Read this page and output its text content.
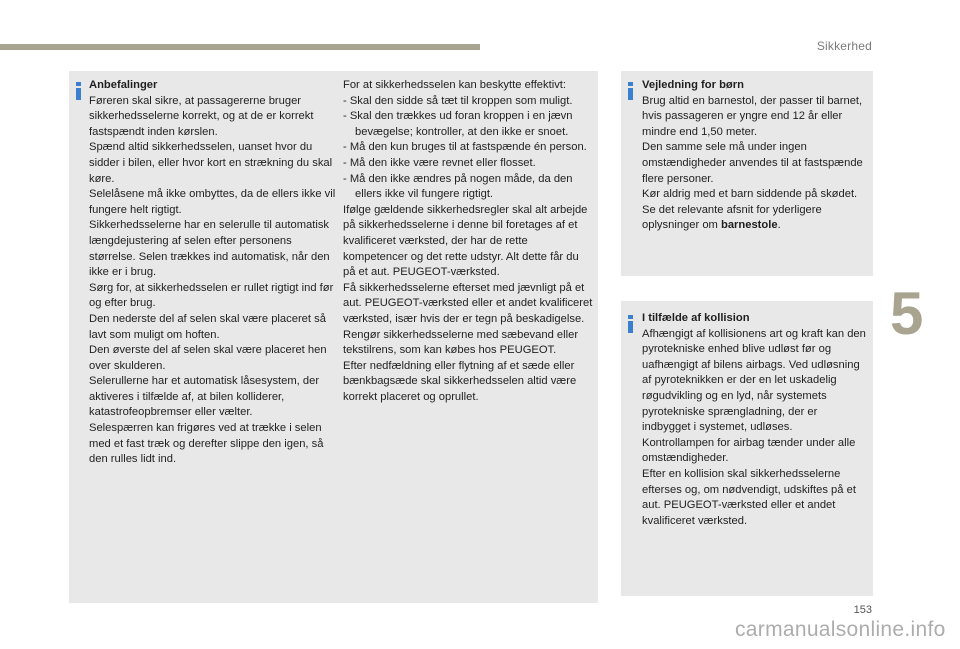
Sikkerhed
Anbefalinger
Føreren skal sikre, at passagererne bruger sikkerhedsselerne korrekt, og at de er korrekt fastspændt inden kørslen.
Spænd altid sikkerhedsselen, uanset hvor du sidder i bilen, eller hvor kort en strækning du skal køre.
Selelåsene må ikke ombyttes, da de ellers ikke vil fungere helt rigtigt.
Sikkerhedsselerne har en selerulle til automatisk længdejustering af selen efter personens størrelse. Selen trækkes ind automatisk, når den ikke er i brug.
Sørg for, at sikkerhedsselen er rullet rigtigt ind før og efter brug.
Den nederste del af selen skal være placeret så lavt som muligt om hoften.
Den øverste del af selen skal være placeret hen over skulderen.
Selerullerne har et automatisk låsesystem, der aktiveres i tilfælde af, at bilen kolliderer, katastrofeopbremser eller vælter.
Selespærren kan frigøres ved at trække i selen med et fast træk og derefter slippe den igen, så den rulles lidt ind.
For at sikkerhedsselen kan beskytte effektivt:
- Skal den sidde så tæt til kroppen som muligt.
- Skal den trækkes ud foran kroppen i en jævn bevægelse; kontroller, at den ikke er snoet.
- Må den kun bruges til at fastspænde én person.
- Må den ikke være revnet eller flosset.
- Må den ikke ændres på nogen måde, da den ellers ikke vil fungere rigtigt.
Ifølge gældende sikkerhedsregler skal alt arbejde på sikkerhedsselerne i denne bil foretages af et kvalificeret værksted, der har de rette kompetencer og det rette udstyr. Alt dette får du på et aut. PEUGEOT-værksted.
Få sikkerhedsselerne efterset med jævnligt på et aut. PEUGEOT-værksted eller et andet kvalificeret værksted, især hvis der er tegn på beskadigelse.
Rengør sikkerhedsselerne med sæbevand eller tekstilrens, som kan købes hos PEUGEOT.
Efter nedfældning eller flytning af et sæde eller bænkbagsæde skal sikkerhedsselen altid være korrekt placeret og oprullet.
Vejledning for børn
Brug altid en barnestol, der passer til barnet, hvis passageren er yngre end 12 år eller mindre end 1,50 meter.
Den samme sele må under ingen omstændigheder anvendes til at fastspænde flere personer.
Kør aldrig med et barn siddende på skødet.
Se det relevante afsnit for yderligere oplysninger om barnestole.
I tilfælde af kollision
Afhængigt af kollisionens art og kraft kan den pyrotekniske enhed blive udløst før og uafhængigt af bilens airbags. Ved udløsning af pyroteknikken er der en let uskadelig røgudvikling og en lyd, når systemets pyrotekniske sprængladning, der er indbygget i systemet, udløses.
Kontrollampen for airbag tænder under alle omstændigheder.
Efter en kollision skal sikkerhedsselerne efterses og, om nødvendigt, udskiftes på et aut. PEUGEOT-værksted eller et andet kvalificeret værksted.
5
153
carmanualsonline.info
